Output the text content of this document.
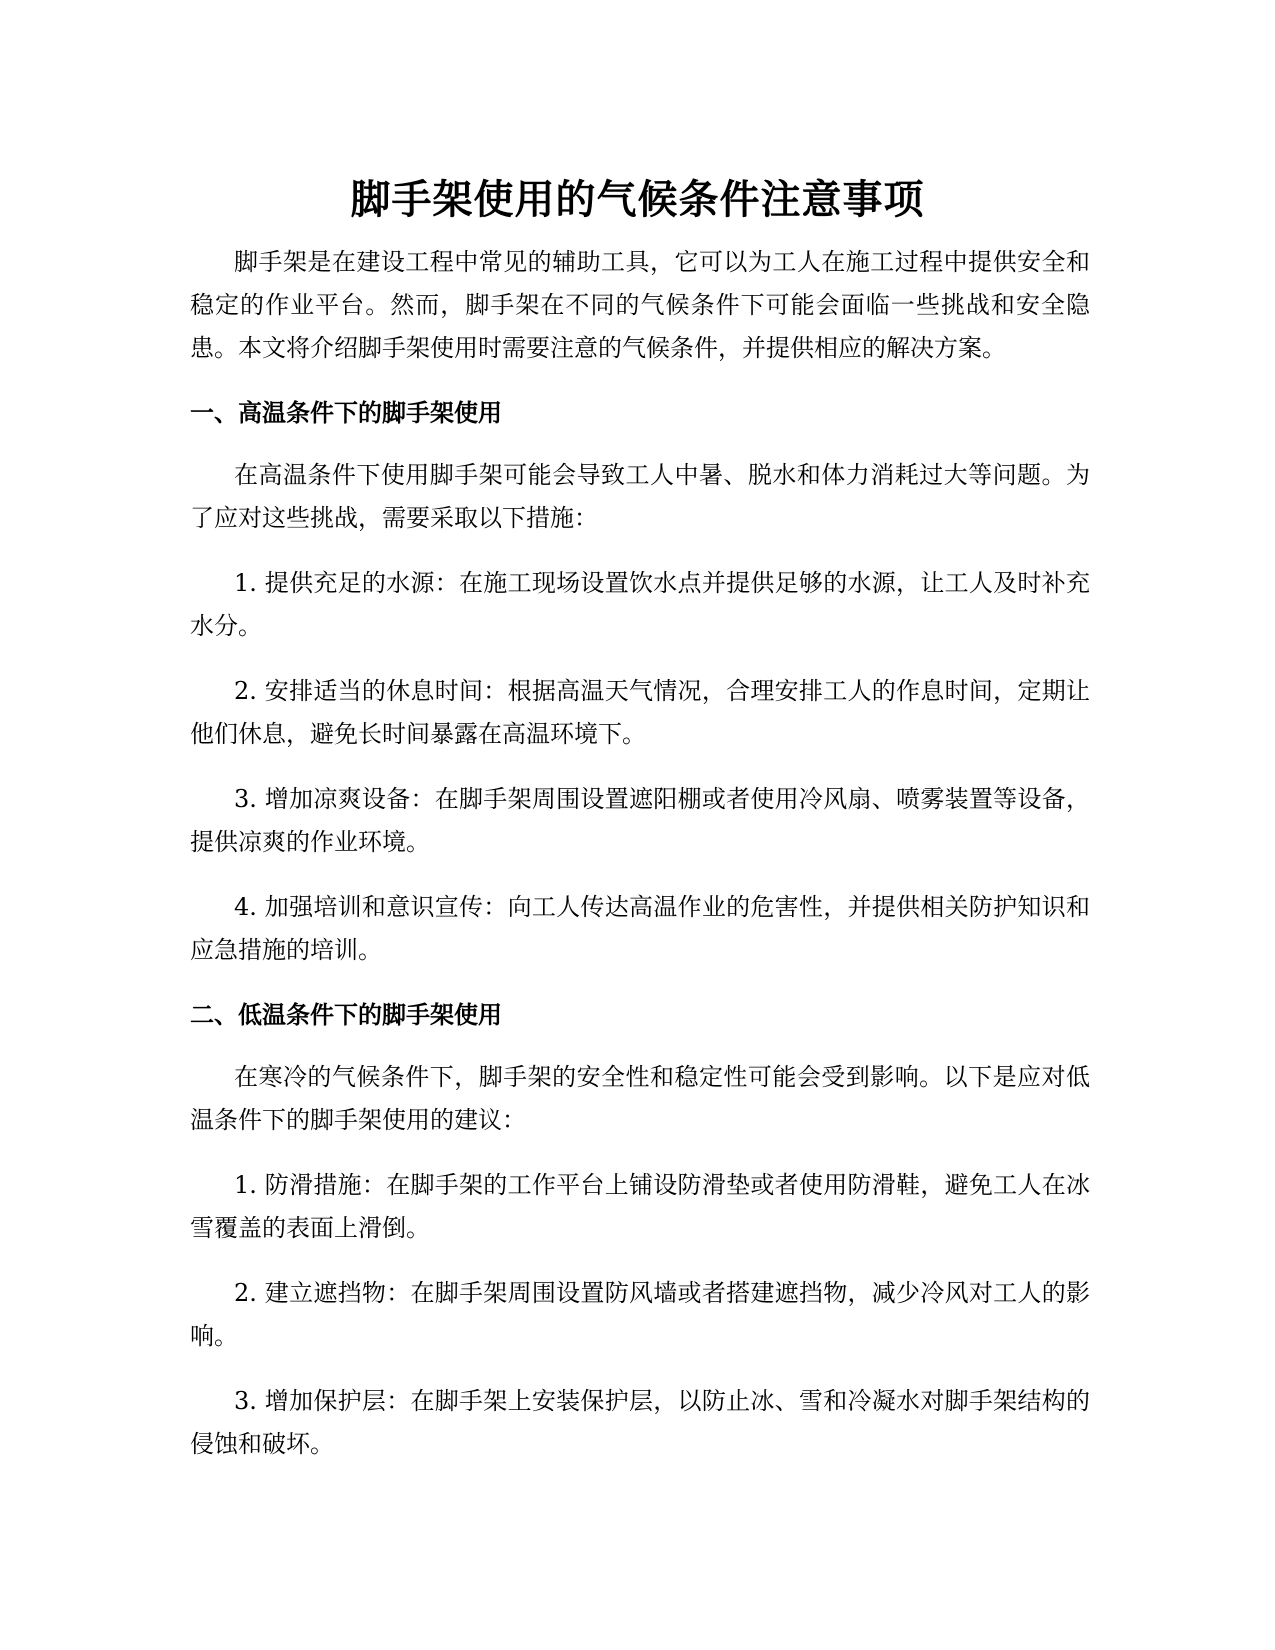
脚手架使用的气候条件注意事项

脚手架是在建设工程中常见的辅助工具，它可以为工人在施工过程中提供安全和稳定的作业平台。然而，脚手架在不同的气候条件下可能会面临一些挑战和安全隐患。本文将介绍脚手架使用时需要注意的气候条件，并提供相应的解决方案。

一、高温条件下的脚手架使用

在高温条件下使用脚手架可能会导致工人中暑、脱水和体力消耗过大等问题。为了应对这些挑战，需要采取以下措施：

1. 提供充足的水源：在施工现场设置饮水点并提供足够的水源，让工人及时补充水分。

2. 安排适当的休息时间：根据高温天气情况，合理安排工人的作息时间，定期让他们休息，避免长时间暴露在高温环境下。

3. 增加凉爽设备：在脚手架周围设置遮阳棚或者使用冷风扇、喷雾装置等设备，提供凉爽的作业环境。

4. 加强培训和意识宣传：向工人传达高温作业的危害性，并提供相关防护知识和应急措施的培训。

二、低温条件下的脚手架使用

在寒冷的气候条件下，脚手架的安全性和稳定性可能会受到影响。以下是应对低温条件下的脚手架使用的建议：

1. 防滑措施：在脚手架的工作平台上铺设防滑垫或者使用防滑鞋，避免工人在冰雪覆盖的表面上滑倒。

2. 建立遮挡物：在脚手架周围设置防风墙或者搭建遮挡物，减少冷风对工人的影响。

3. 增加保护层：在脚手架上安装保护层，以防止冰、雪和冷凝水对脚手架结构的侵蚀和破坏。
